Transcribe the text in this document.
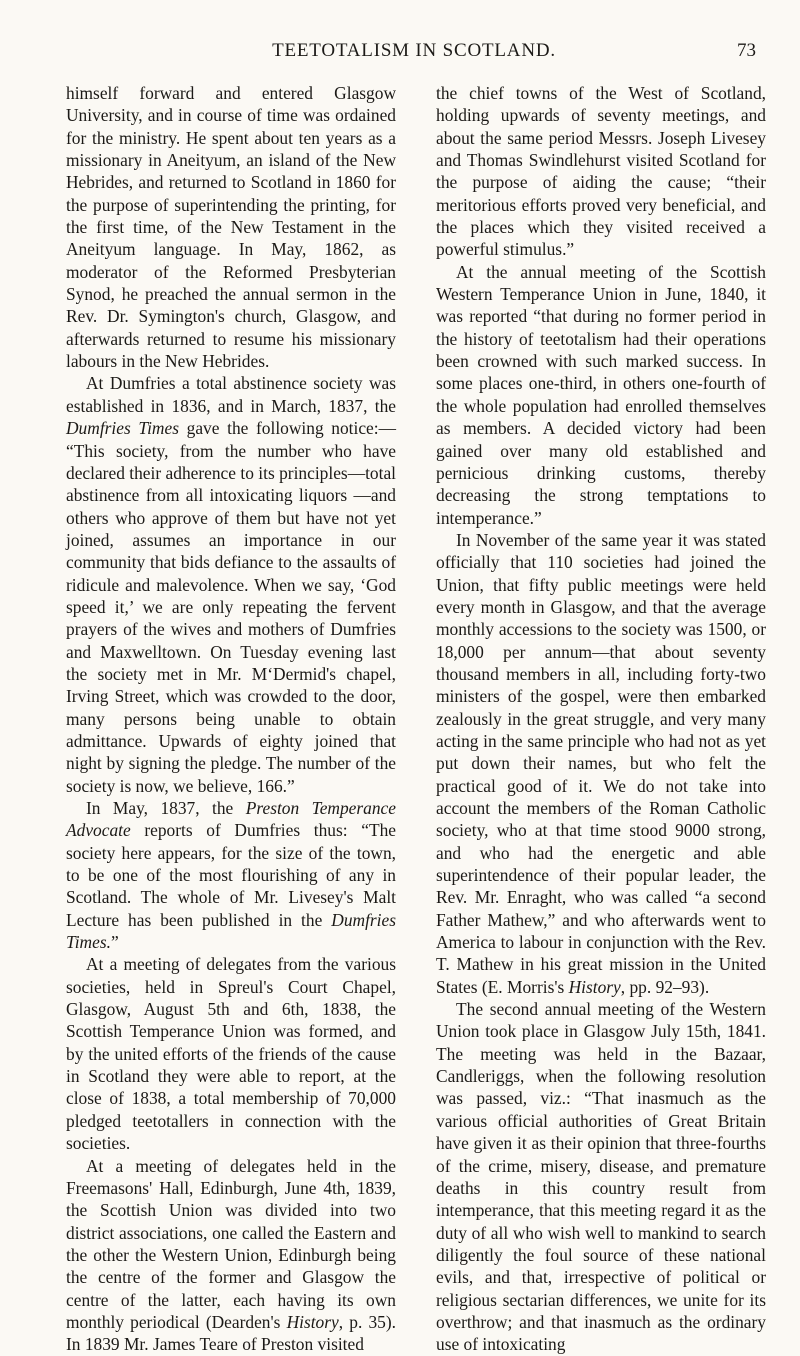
TEETOTALISM IN SCOTLAND.	73

himself forward and entered Glasgow University, and in course of time was ordained for the ministry. He spent about ten years as a missionary in Aneityum, an island of the New Hebrides, and returned to Scotland in 1860 for the purpose of superintending the printing, for the first time, of the New Testament in the Aneityum language. In May, 1862, as moderator of the Reformed Presbyterian Synod, he preached the annual sermon in the Rev. Dr. Symington's church, Glasgow, and afterwards returned to resume his missionary labours in the New Hebrides.

At Dumfries a total abstinence society was established in 1836, and in March, 1837, the Dumfries Times gave the following notice:— “This society, from the number who have declared their adherence to its principles—total abstinence from all intoxicating liquors —and others who approve of them but have not yet joined, assumes an importance in our community that bids defiance to the assaults of ridicule and malevolence. When we say, ‘God speed it,’ we are only repeating the fervent prayers of the wives and mothers of Dumfries and Maxwelltown. On Tuesday evening last the society met in Mr. M‘Dermid's chapel, Irving Street, which was crowded to the door, many persons being unable to obtain admittance. Upwards of eighty joined that night by signing the pledge. The number of the society is now, we believe, 166.”

In May, 1837, the Preston Temperance Advocate reports of Dumfries thus: “The society here appears, for the size of the town, to be one of the most flourishing of any in Scotland. The whole of Mr. Livesey's Malt Lecture has been published in the Dumfries Times.”

At a meeting of delegates from the various societies, held in Spreul's Court Chapel, Glasgow, August 5th and 6th, 1838, the Scottish Temperance Union was formed, and by the united efforts of the friends of the cause in Scotland they were able to report, at the close of 1838, a total membership of 70,000 pledged teetotallers in connection with the societies.

At a meeting of delegates held in the Freemasons' Hall, Edinburgh, June 4th, 1839, the Scottish Union was divided into two district associations, one called the Eastern and the other the Western Union, Edinburgh being the centre of the former and Glasgow the centre of the latter, each having its own monthly periodical (Dearden's History, p. 35). In 1839 Mr. James Teare of Preston visited

the chief towns of the West of Scotland, holding upwards of seventy meetings, and about the same period Messrs. Joseph Livesey and Thomas Swindlehurst visited Scotland for the purpose of aiding the cause; “their meritorious efforts proved very beneficial, and the places which they visited received a powerful stimulus.”

At the annual meeting of the Scottish Western Temperance Union in June, 1840, it was reported “that during no former period in the history of teetotalism had their operations been crowned with such marked success. In some places one-third, in others one-fourth of the whole population had enrolled themselves as members. A decided victory had been gained over many old established and pernicious drinking customs, thereby decreasing the strong temptations to intemperance.”

In November of the same year it was stated officially that 110 societies had joined the Union, that fifty public meetings were held every month in Glasgow, and that the average monthly accessions to the society was 1500, or 18,000 per annum—that about seventy thousand members in all, including forty-two ministers of the gospel, were then embarked zealously in the great struggle, and very many acting in the same principle who had not as yet put down their names, but who felt the practical good of it. We do not take into account the members of the Roman Catholic society, who at that time stood 9000 strong, and who had the energetic and able superintendence of their popular leader, the Rev. Mr. Enraght, who was called “a second Father Mathew,” and who afterwards went to America to labour in conjunction with the Rev. T. Mathew in his great mission in the United States (E. Morris's History, pp. 92–93).

The second annual meeting of the Western Union took place in Glasgow July 15th, 1841. The meeting was held in the Bazaar, Candleriggs, when the following resolution was passed, viz.: “That inasmuch as the various official authorities of Great Britain have given it as their opinion that three-fourths of the crime, misery, disease, and premature deaths in this country result from intemperance, that this meeting regard it as the duty of all who wish well to mankind to search diligently the foul source of these national evils, and that, irrespective of political or religious sectarian differences, we unite for its overthrow; and that inasmuch as the ordinary use of intoxicating
